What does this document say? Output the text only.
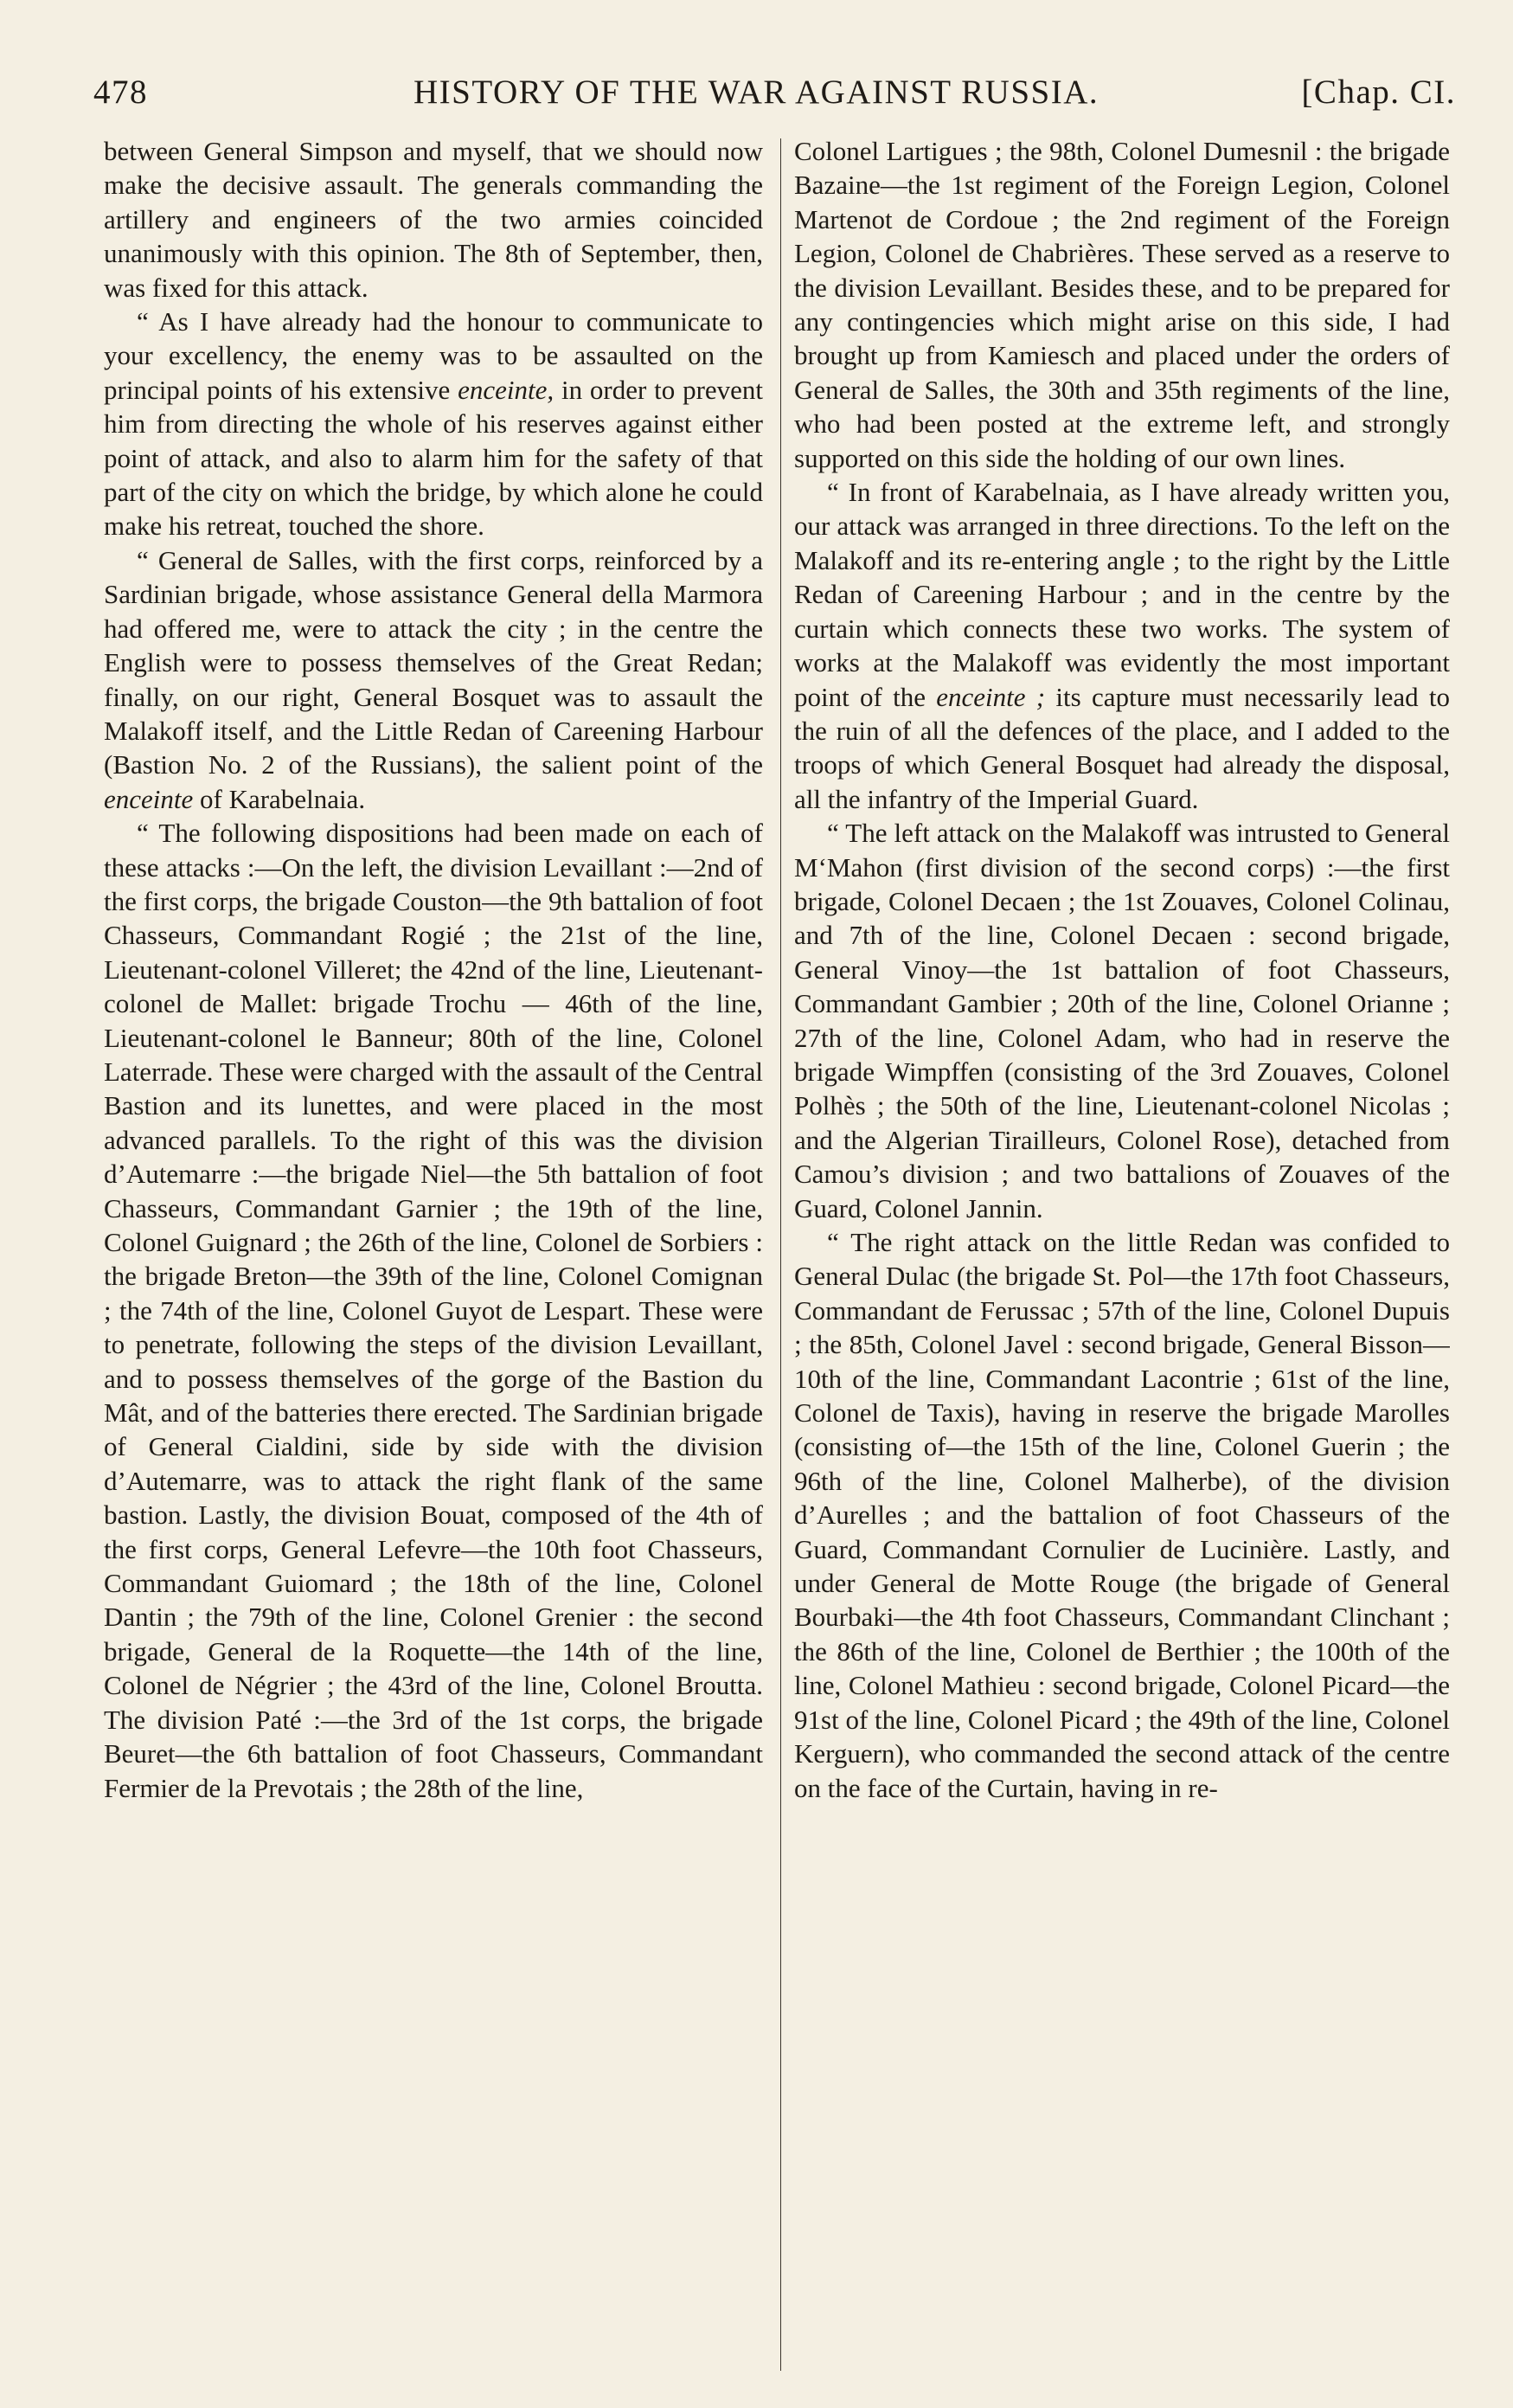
478	HISTORY OF THE WAR AGAINST RUSSIA.	[Chap. CI.

between General Simpson and myself, that we should now make the decisive assault. The generals commanding the artillery and engineers of the two armies coincided unanimously with this opinion. The 8th of September, then, was fixed for this attack.

“ As I have already had the honour to communicate to your excellency, the enemy was to be assaulted on the principal points of his extensive enceinte, in order to prevent him from directing the whole of his reserves against either point of attack, and also to alarm him for the safety of that part of the city on which the bridge, by which alone he could make his retreat, touched the shore.

“ General de Salles, with the first corps, reinforced by a Sardinian brigade, whose assistance General della Marmora had offered me, were to attack the city ; in the centre the English were to possess themselves of the Great Redan; finally, on our right, General Bosquet was to assault the Malakoff itself, and the Little Redan of Careening Harbour (Bastion No. 2 of the Russians), the salient point of the enceinte of Karabelnaia.

“ The following dispositions had been made on each of these attacks :—On the left, the division Levaillant :—2nd of the first corps, the brigade Couston—the 9th battalion of foot Chasseurs, Commandant Rogié ; the 21st of the line, Lieutenant-colonel Villeret; the 42nd of the line, Lieutenant-colonel de Mallet: brigade Trochu — 46th of the line, Lieutenant-colonel le Banneur; 80th of the line, Colonel Laterrade. These were charged with the assault of the Central Bastion and its lunettes, and were placed in the most advanced parallels. To the right of this was the division d’Autemarre :—the brigade Niel—the 5th battalion of foot Chasseurs, Commandant Garnier ; the 19th of the line, Colonel Guignard ; the 26th of the line, Colonel de Sorbiers : the brigade Breton—the 39th of the line, Colonel Comignan ; the 74th of the line, Colonel Guyot de Lespart. These were to penetrate, following the steps of the division Levaillant, and to possess themselves of the gorge of the Bastion du Mât, and of the batteries there erected. The Sardinian brigade of General Cialdini, side by side with the division d’Autemarre, was to attack the right flank of the same bastion. Lastly, the division Bouat, composed of the 4th of the first corps, General Lefevre—the 10th foot Chasseurs, Commandant Guiomard ; the 18th of the line, Colonel Dantin ; the 79th of the line, Colonel Grenier : the second brigade, General de la Roquette—the 14th of the line, Colonel de Négrier ; the 43rd of the line, Colonel Broutta. The division Paté :—the 3rd of the 1st corps, the brigade Beuret—the 6th battalion of foot Chasseurs, Commandant Fermier de la Prevotais ; the 28th of the line,

Colonel Lartigues ; the 98th, Colonel Dumesnil : the brigade Bazaine—the 1st regiment of the Foreign Legion, Colonel Martenot de Cordoue ; the 2nd regiment of the Foreign Legion, Colonel de Chabrières. These served as a reserve to the division Levaillant. Besides these, and to be prepared for any contingencies which might arise on this side, I had brought up from Kamiesch and placed under the orders of General de Salles, the 30th and 35th regiments of the line, who had been posted at the extreme left, and strongly supported on this side the holding of our own lines.

“ In front of Karabelnaia, as I have already written you, our attack was arranged in three directions. To the left on the Malakoff and its re-entering angle ; to the right by the Little Redan of Careening Harbour ; and in the centre by the curtain which connects these two works. The system of works at the Malakoff was evidently the most important point of the enceinte ; its capture must necessarily lead to the ruin of all the defences of the place, and I added to the troops of which General Bosquet had already the disposal, all the infantry of the Imperial Guard.

“ The left attack on the Malakoff was intrusted to General M‘Mahon (first division of the second corps) :—the first brigade, Colonel Decaen ; the 1st Zouaves, Colonel Colinau, and 7th of the line, Colonel Decaen : second brigade, General Vinoy—the 1st battalion of foot Chasseurs, Commandant Gambier ; 20th of the line, Colonel Orianne ; 27th of the line, Colonel Adam, who had in reserve the brigade Wimpffen (consisting of the 3rd Zouaves, Colonel Polhès ; the 50th of the line, Lieutenant-colonel Nicolas ; and the Algerian Tirailleurs, Colonel Rose), detached from Camou’s division ; and two battalions of Zouaves of the Guard, Colonel Jannin.

“ The right attack on the little Redan was confided to General Dulac (the brigade St. Pol—the 17th foot Chasseurs, Commandant de Ferussac ; 57th of the line, Colonel Dupuis ; the 85th, Colonel Javel : second brigade, General Bisson—10th of the line, Commandant Lacontrie ; 61st of the line, Colonel de Taxis), having in reserve the brigade Marolles (consisting of—the 15th of the line, Colonel Guerin ; the 96th of the line, Colonel Malherbe), of the division d’Aurelles ; and the battalion of foot Chasseurs of the Guard, Commandant Cornulier de Lucinière. Lastly, and under General de Motte Rouge (the brigade of General Bourbaki—the 4th foot Chasseurs, Commandant Clinchant ; the 86th of the line, Colonel de Berthier ; the 100th of the line, Colonel Mathieu : second brigade, Colonel Picard—the 91st of the line, Colonel Picard ; the 49th of the line, Colonel Kerguern), who commanded the second attack of the centre on the face of the Curtain, having in re-
